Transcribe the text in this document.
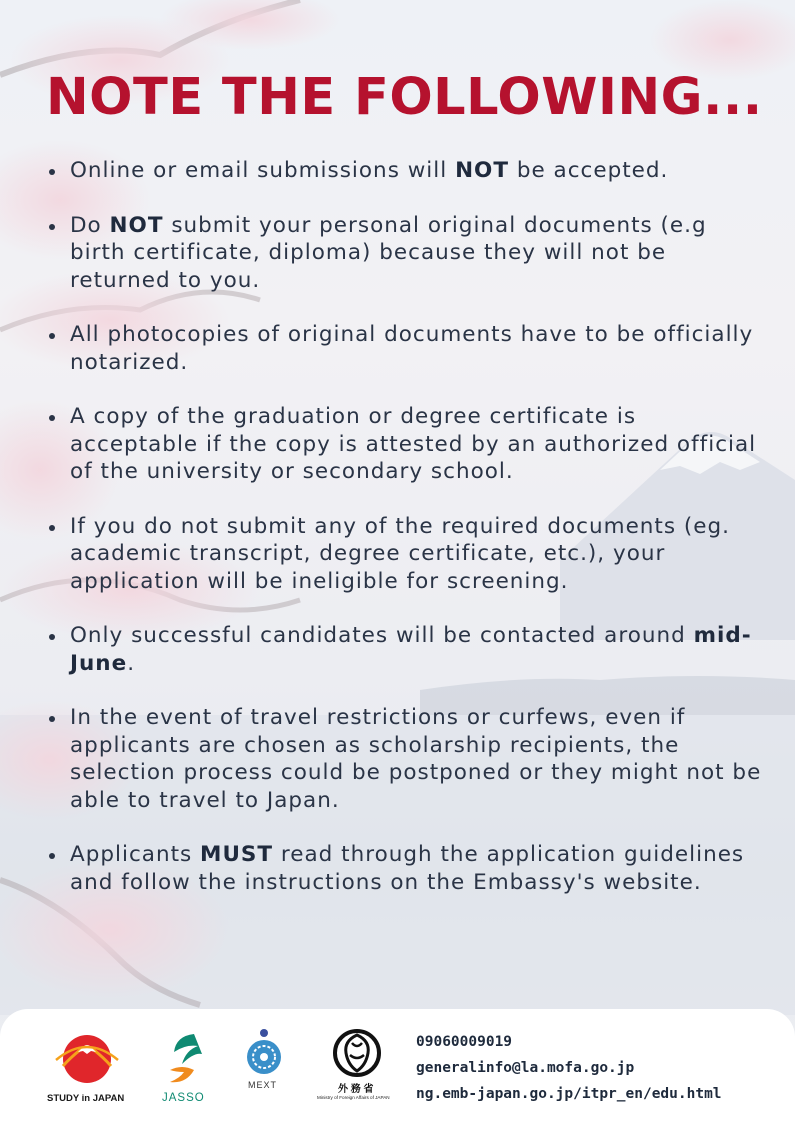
NOTE THE FOLLOWING...
Online or email submissions will NOT be accepted.
Do NOT submit your personal original documents (e.g birth certificate, diploma) because they will not be returned to you.
All photocopies of original documents have to be officially notarized.
A copy of the graduation or degree certificate is acceptable if the copy is attested by an authorized official of the university or secondary school.
If you do not submit any of the required documents (eg. academic transcript, degree certificate, etc.), your application will be ineligible for screening.
Only successful candidates will be contacted around mid-June.
In the event of travel restrictions or curfews, even if applicants are chosen as scholarship recipients, the selection process could be postponed or they might not be able to travel to Japan.
Applicants MUST read through the application guidelines and follow the instructions on the Embassy's website.
STUDY in JAPAN	JASSO
MEXT	外 務 省
Ministry of Foreign Affairs of JAPAN
09060009019
generalinfo@la.mofa.go.jp
ng.emb-japan.go.jp/itpr_en/edu.html
